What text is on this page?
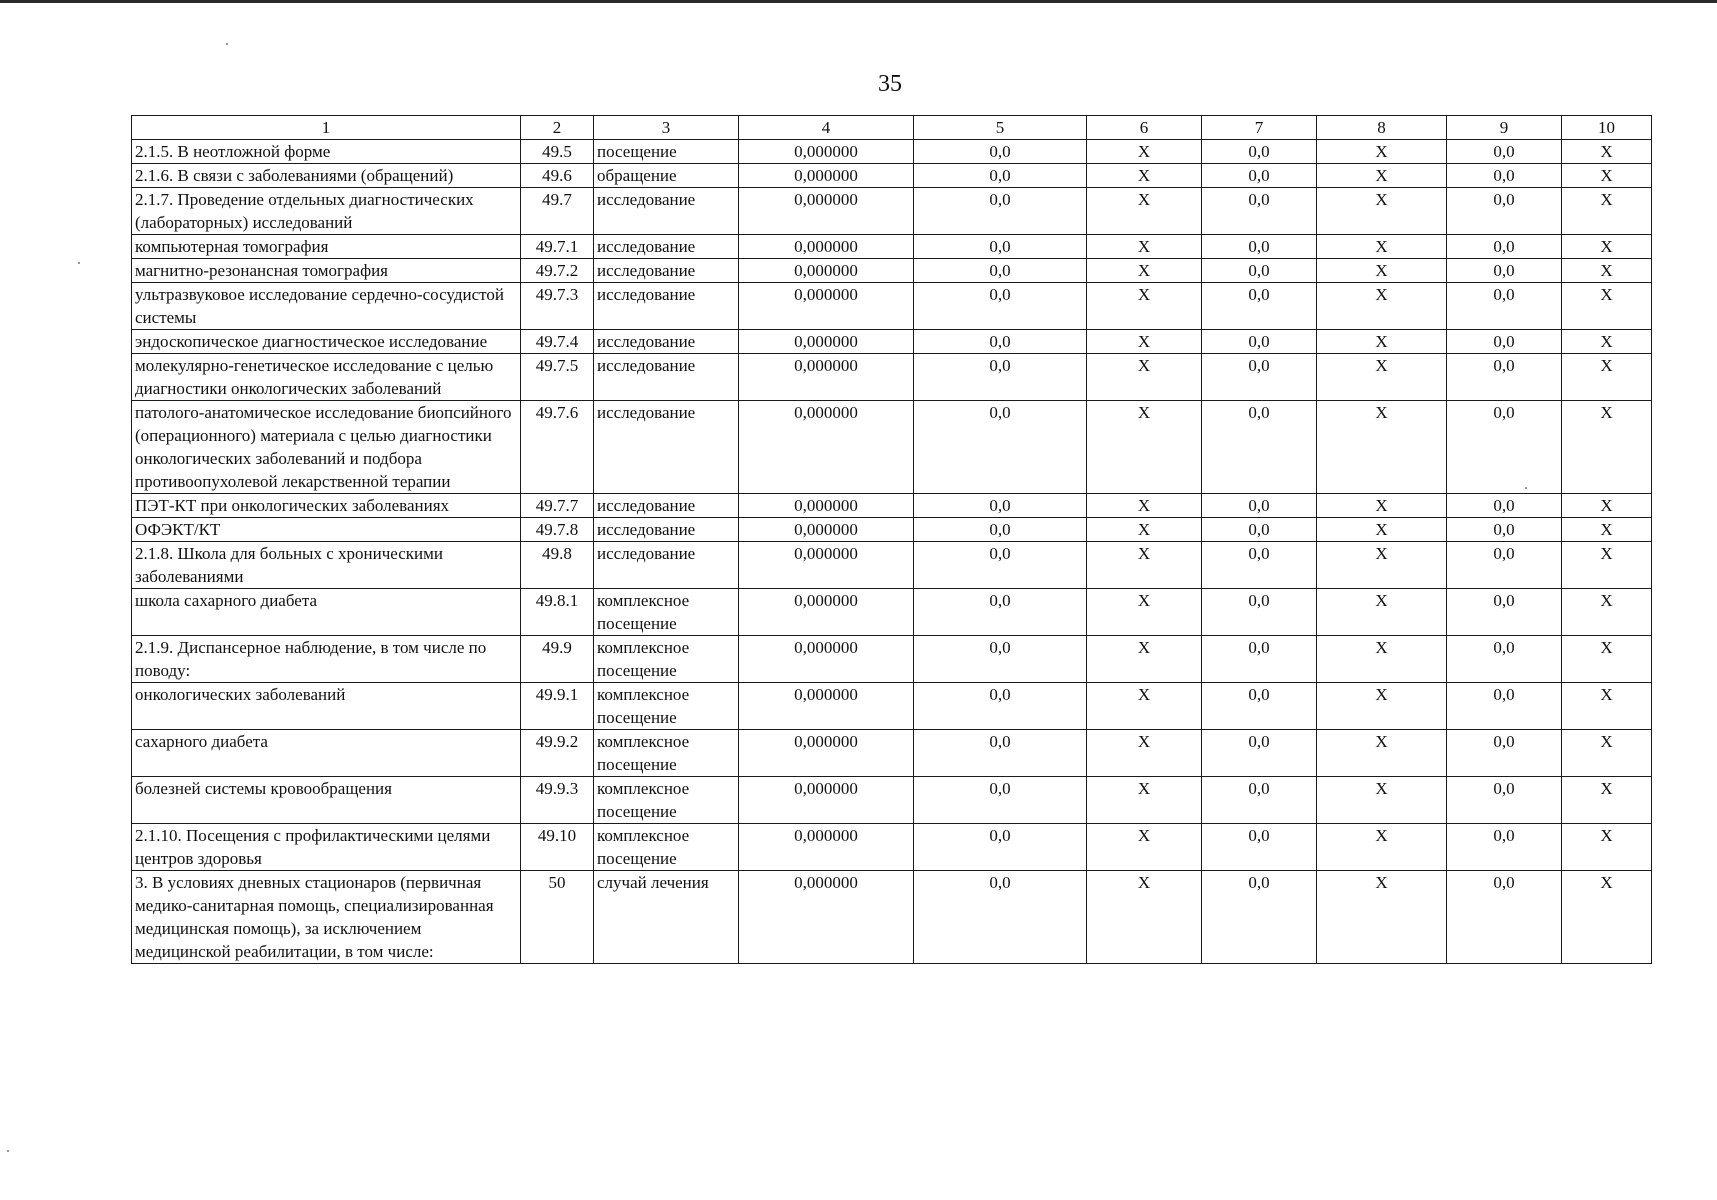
35
1	2	3	4	5	6	7	8	9	10
2.1.5. В неотложной форме	49.5	посещение	0,000000	0,0	X	0,0	X	0,0	X
2.1.6. В связи с заболеваниями (обращений)	49.6	обращение	0,000000	0,0	X	0,0	X	0,0	X
2.1.7. Проведение отдельных диагностических (лабораторных) исследований	49.7	исследование	0,000000	0,0	X	0,0	X	0,0	X
компьютерная томография	49.7.1	исследование	0,000000	0,0	X	0,0	X	0,0	X
магнитно-резонансная томография	49.7.2	исследование	0,000000	0,0	X	0,0	X	0,0	X
ультразвуковое исследование сердечно-сосудистой системы	49.7.3	исследование	0,000000	0,0	X	0,0	X	0,0	X
эндоскопическое диагностическое исследование	49.7.4	исследование	0,000000	0,0	X	0,0	X	0,0	X
молекулярно-генетическое исследование с целью диагностики онкологических заболеваний	49.7.5	исследование	0,000000	0,0	X	0,0	X	0,0	X
патолого-анатомическое исследование биопсийного (операционного) материала с целью диагностики онкологических заболеваний и подбора противоопухолевой лекарственной терапии	49.7.6	исследование	0,000000	0,0	X	0,0	X	0,0	X
ПЭТ-КТ при онкологических заболеваниях	49.7.7	исследование	0,000000	0,0	X	0,0	X	0,0	X
ОФЭКТ/КТ	49.7.8	исследование	0,000000	0,0	X	0,0	X	0,0	X
2.1.8. Школа для больных с хроническими заболеваниями	49.8	исследование	0,000000	0,0	X	0,0	X	0,0	X
школа сахарного диабета	49.8.1	комплексное посещение	0,000000	0,0	X	0,0	X	0,0	X
2.1.9. Диспансерное наблюдение, в том числе по поводу:	49.9	комплексное посещение	0,000000	0,0	X	0,0	X	0,0	X
онкологических заболеваний	49.9.1	комплексное посещение	0,000000	0,0	X	0,0	X	0,0	X
сахарного диабета	49.9.2	комплексное посещение	0,000000	0,0	X	0,0	X	0,0	X
болезней системы кровообращения	49.9.3	комплексное посещение	0,000000	0,0	X	0,0	X	0,0	X
2.1.10. Посещения с профилактическими целями центров здоровья	49.10	комплексное посещение	0,000000	0,0	X	0,0	X	0,0	X
3. В условиях дневных стационаров (первичная медико-санитарная помощь, специализированная медицинская помощь), за исключением медицинской реабилитации, в том числе:	50	случай лечения	0,000000	0,0	X	0,0	X	0,0	X
